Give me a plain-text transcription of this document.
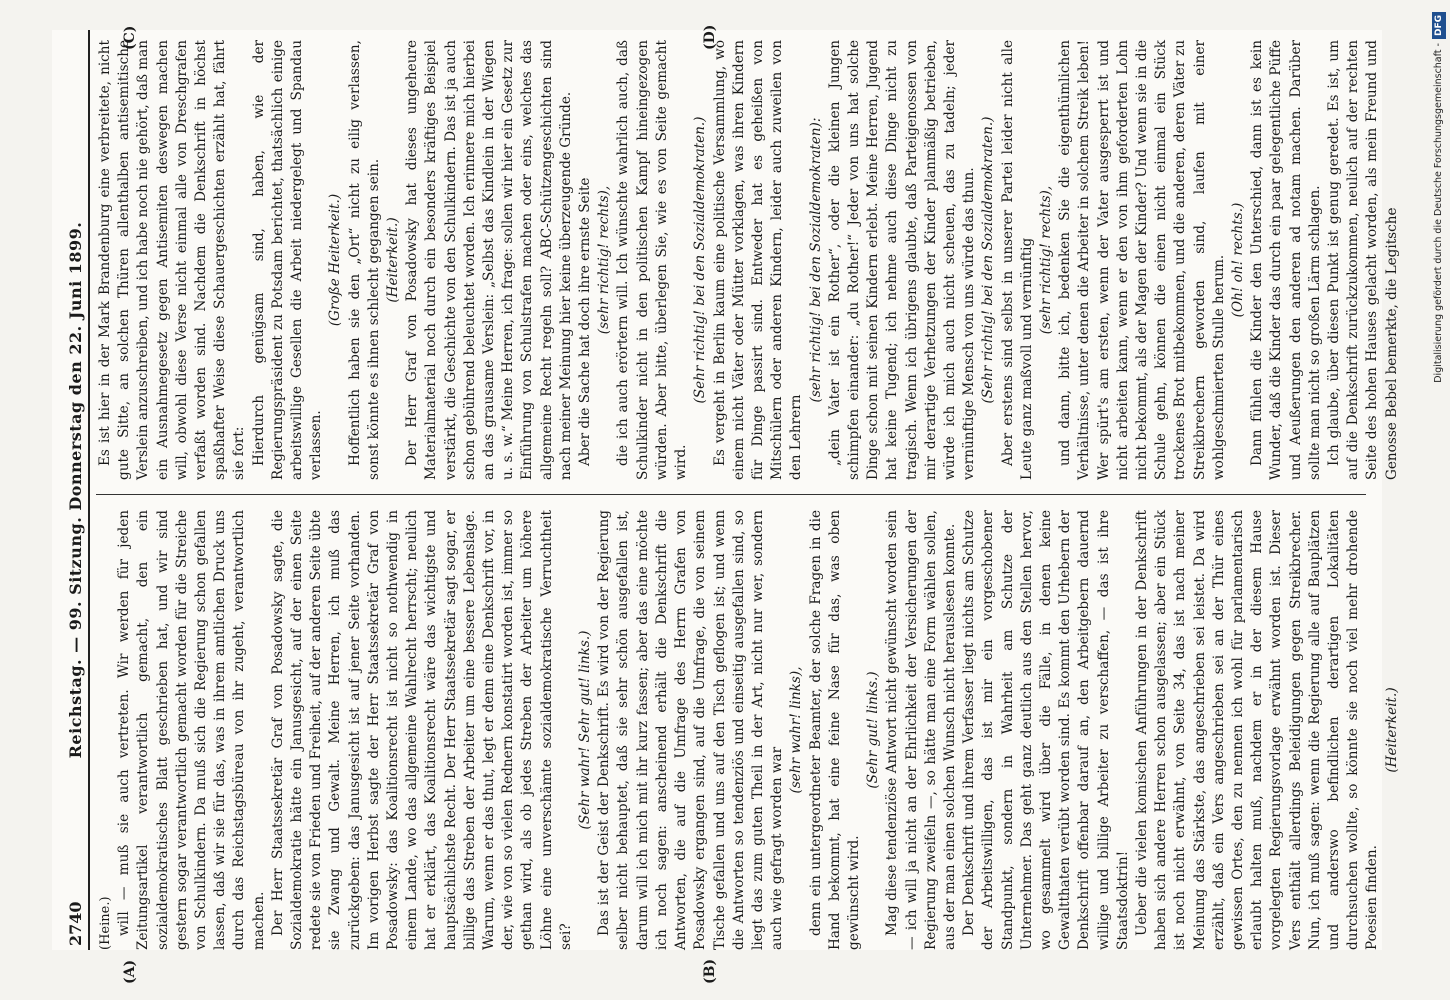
2740
Reichstag. — 99. Sitzung. Donnerstag den 22. Juni 1899.

(Heine.) will — muß sie auch vertreten. Wir werden für jeden Zeitungsartikel verantwortlich gemacht, den ein sozialdemokratisches Blatt geschrieben hat, und wir sind gestern sogar verantwortlich gemacht worden für die Streiche von Schulkindern. Da muß sich die Regierung schon gefallen lassen, daß wir sie für das, was in ihrem amtlichen Druck uns durch das Reichstagsbüreau von ihr zugeht, verantwortlich machen. Der Herr Staatssekretär Graf von Posadowsky sagte, die Sozialdemokratie hätte ein Janusgesicht, auf der einen Seite redete sie von Frieden und Freiheit, auf der anderen Seite übte sie Zwang und Gewalt. Meine Herren, ich muß das zurückgeben: das Janusgesicht ist auf jener Seite vorhanden. Im vorigen Herbst sagte der Herr Staatssekretär Graf von Posadowsky: das Koalitionsrecht ist nicht so nothwendig in einem Lande, wo das allgemeine Wahlrecht herrscht; neulich hat er erklärt, das Koalitionsrecht wäre das wichtigste und hauptsächlichste Recht. Der Herr Staatssekretär sagt sogar, er billige das Streben der Arbeiter um eine bessere Lebenslage. Warum, wenn er das thut, legt er denn eine Denkschrift vor, in der, wie von so vielen Rednern konstatirt worden ist, immer so gethan wird, als ob jedes Streben der Arbeiter um höhere Löhne eine unverschämte sozialdemokratische Verruchtheit sei?

(Sehr wahr! Sehr gut! links.) Das ist der Geist der Denkschrift. Es wird von der Regierung selber nicht behauptet, daß sie sehr schön ausgefallen ist, darum will ich mich mit ihr kurz fassen; aber das eine möchte ich noch sagen: anscheinend erhält die Denkschrift die Antworten, die auf die Umfrage des Herrn Grafen von Posadowsky ergangen sind, auf die Umfrage, die von seinem Tische gefallen und uns auf den Tisch geflogen ist; und wenn die Antworten so tendenziös und einseitig ausgefallen sind, so liegt das zum guten Theil in der Art, nicht nur wer, sondern auch wie gefragt worden war

(sehr wahr! links), denn ein untergeordneter Beamter, der solche Fragen in die Hand bekommt, hat eine feine Nase für das, was oben gewünscht wird.

(Sehr gut! links.) Mag diese tendenziöse Antwort nicht gewünscht worden sein — ich will ja nicht an der Ehrlichkeit der Versicherungen der Regierung zweifeln —, so hätte man eine Form wählen sollen, aus der man einen solchen Wunsch nicht herauslesen konnte. Der Denkschrift und ihrem Verfasser liegt nichts am Schutze der Arbeitswilligen, das ist mir ein vorgeschobener Standpunkt, sondern in Wahrheit am Schutze der Unternehmer. Das geht ganz deutlich aus den Stellen hervor, wo gesammelt wird über die Fälle, in denen keine Gewaltthaten verübt worden sind. Es kommt den Urhebern der Denkschrift offenbar darauf an, den Arbeitgebern dauernd willige und billige Arbeiter zu verschaffen, — das ist ihre Staatsdoktrin! Ueber die vielen komischen Anführungen in der Denkschrift haben sich andere Herren schon ausgelassen; aber ein Stück ist noch nicht erwähnt, von Seite 34, das ist nach meiner Meinung das Stärkste, das angeschrieben sei leistet. Da wird erzählt, daß ein Vers angeschrieben sei an der Thür eines gewissen Ortes, den zu nennen ich wohl für parlamentarisch erlaubt halten muß, nachdem er in der diesem Hause vorgelegten Regierungsvorlage erwähnt worden ist. Dieser Vers enthält allerdings Beleidigungen gegen Streikbrecher. Nun, ich muß sagen: wenn die Regierung alle auf Bauplätzen und anderswo befindlichen derartigen Lokalitäten durchsuchen wollte, so könnte sie noch viel mehr drohende Poesien finden.

(Heiterkeit.)

Es ist hier in der Mark Brandenburg eine verbreitete, nicht gute Sitte, an solchen Thüren allenthalben antisemitische Verslein anzuschreiben, und ich habe noch nie gehört, daß man ein Ausnahmegesetz gegen Antisemiten deswegen machen will, obwohl diese Verse nicht einmal alle von Dreschgrafen verfaßt worden sind. Nachdem die Denkschrift in höchst spaßhafter Weise diese Schauergeschichten erzählt hat, fährt sie fort: Hierdurch genügsam sind, haben, wie der Regierungspräsident zu Potsdam berichtet, thatsächlich einige arbeitswillige Gesellen die Arbeit niedergelegt und Spandau verlassen.

(Große Heiterkeit.) Hoffentlich haben sie den „Ort“ nicht zu eilig verlassen, sonst könnte es ihnen schlecht gegangen sein. (Heiterkeit.) Der Herr Graf von Posadowsky hat dieses ungeheure Materialmaterial noch durch ein besonders kräftiges Beispiel verstärkt, die Geschichte von den Schulkindern. Das ist ja auch schon gebührend beleuchtet worden. Ich erinnere mich hierbei an das grausame Verslein: „Selbst das Kindlein in der Wiegen u. s. w.“ Meine Herren, ich frage: sollen wir hier ein Gesetz zur Einführung von Schulstrafen machen oder eins, welches das allgemeine Recht regeln soll? ABC-Schützengeschichten sind nach meiner Meinung hier keine überzeugende Gründe. Aber die Sache hat doch ihre ernste Seite (sehr richtig! rechts), die ich auch erörtern will. Ich wünschte wahrlich auch, daß Schulkinder nicht in den politischen Kampf hineingezogen würden. Aber bitte, überlegen Sie, wie es von Seite gemacht wird.

(Sehr richtig! bei den Sozialdemokraten.) Es vergeht in Berlin kaum eine politische Versammlung, wo einem nicht Väter oder Mütter vorklagen, was ihren Kindern für Dinge passirt sind. Entweder hat es geheißen von Mitschülern oder anderen Kindern, leider auch zuweilen von den Lehrern

(sehr richtig! bei den Sozialdemokraten): „dein Vater ist ein Rother“, oder die kleinen Jungen schimpfen einander: „du Rother!“ Jeder von uns hat solche Dinge schon mit seinen Kindern erlebt. Meine Herren, Jugend hat keine Tugend; ich nehme auch diese Dinge nicht zu tragisch. Wenn ich übrigens glaubte, daß Parteigenossen von mir derartige Verhetzungen der Kinder planmäßig betrieben, würde ich mich auch nicht scheuen, das zu tadeln; jeder vernünftige Mensch von uns würde das thun. (Sehr richtig! bei den Sozialdemokraten.) Aber erstens sind selbst in unserer Partei leider nicht alle Leute ganz maßvoll und vernünftig (sehr richtig! rechts), und dann, bitte ich, bedenken Sie die eigenthümlichen Verhältnisse, unter denen die Arbeiter in solchem Streik leben! Wer spürt's am ersten, wenn der Vater ausgesperrt ist und nicht arbeiten kann, wenn er den von ihm geforderten Lohn nicht bekommt, als der Magen der Kinder? Und wenn sie in die Schule gehn, können die einen nicht einmal ein Stück trockenes Brot mitbekommen, und die anderen, deren Väter zu Streikbrechern geworden sind, laufen mit einer wohlgeschmierten Stulle herum. (Oh! oh! rechts.) Dann fühlen die Kinder den Unterschied, dann ist es kein Wunder, daß die Kinder das durch ein paar gelegentliche Püffe und Aeußerungen den anderen ad notam machen. Darüber sollte man nicht so großen Lärm schlagen. Ich glaube, über diesen Punkt ist genug geredet. Es ist, um auf die Denkschrift zurückzukommen, neulich auf der rechten Seite des hohen Hauses gelacht worden, als mein Freund und Genosse Bebel bemerkte, die Legitsche

(A)	(B)
(C)	(D)
Digitalisierung gefördert durch die Deutsche Forschungsgemeinschaft -DFG
